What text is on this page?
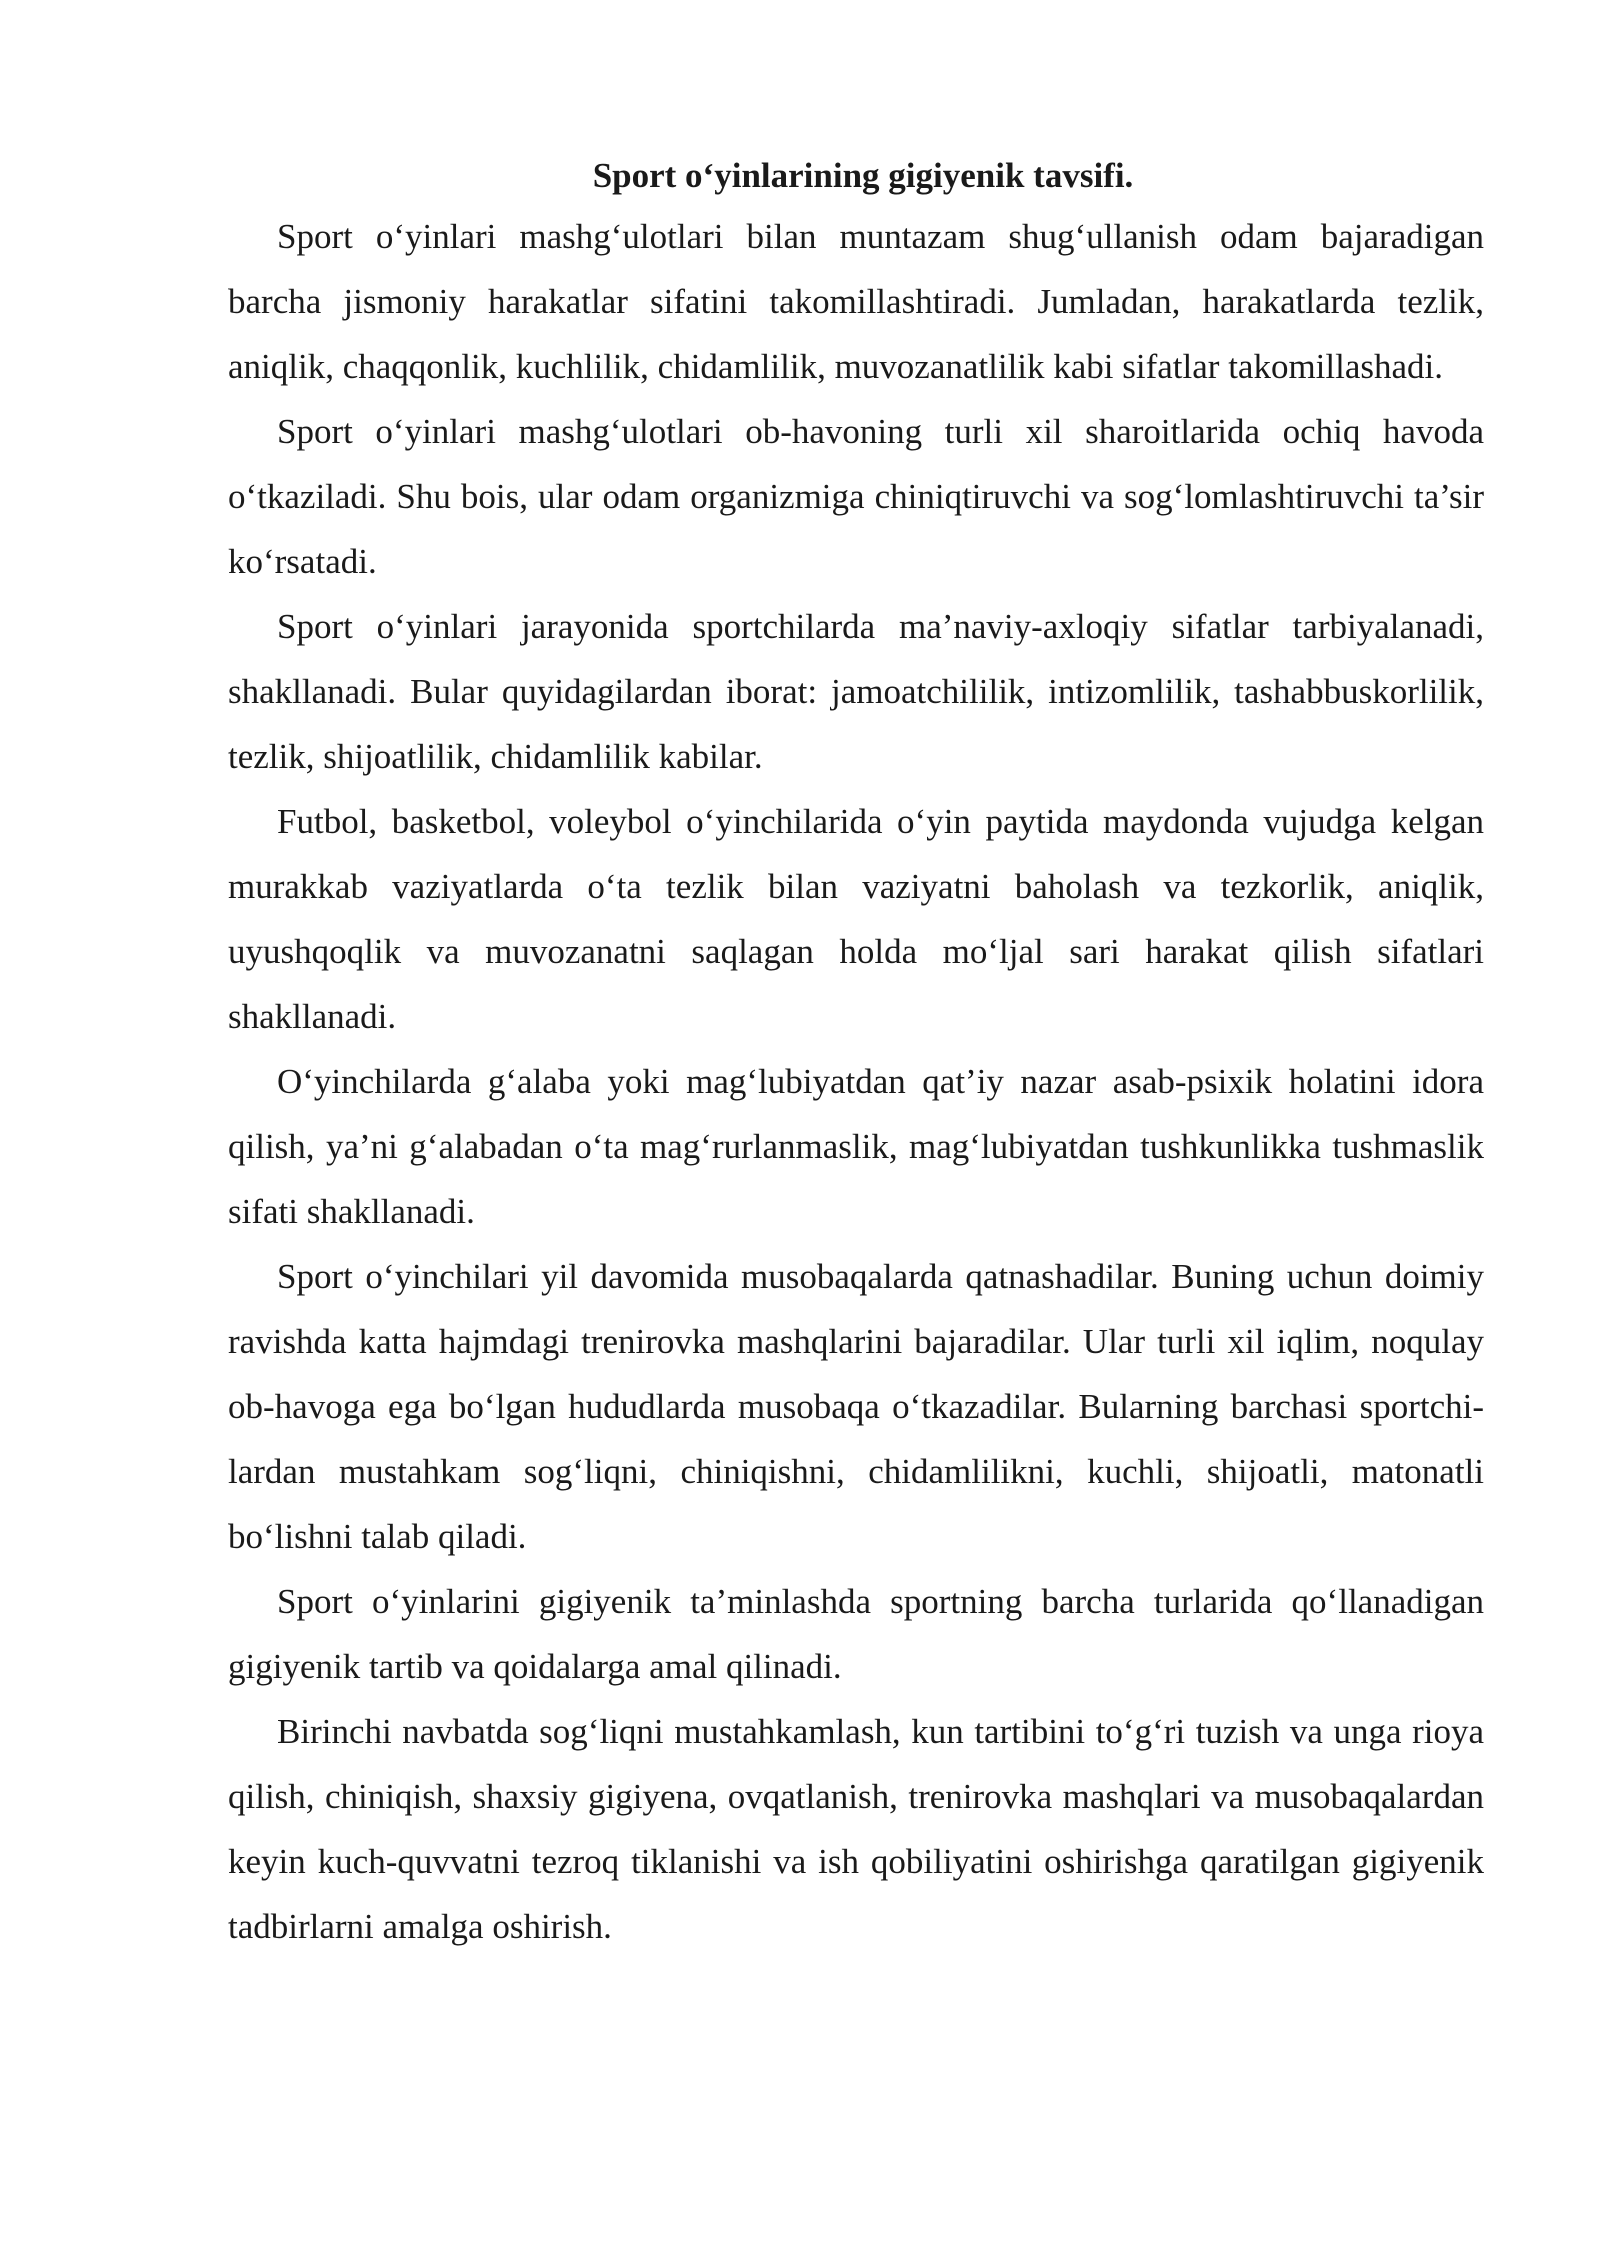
Sport o‘yinlarining gigiyenik tavsifi.

Sport o‘yinlari mashg‘ulotlari bilan muntazam shug‘ullanish odam bajaradigan barcha jismoniy harakatlar sifatini takomillashtiradi. Jumladan, harakatlarda tezlik, aniqlik, chaqqonlik, kuchlilik, chidamlilik, muvozanatlilik kabi sifatlar takomillashadi.

Sport o‘yinlari mashg‘ulotlari ob-havoning turli xil sharoitlarida ochiq havoda o‘tkaziladi. Shu bois, ular odam organizmiga chiniqtiruvchi va sog‘lomlashtiruvchi ta’sir ko‘rsatadi.

Sport o‘yinlari jarayonida sportchilarda ma’naviy-axloqiy sifatlar tarbiyalanadi, shakllanadi. Bular quyidagilardan iborat: jamoatchililik, intizomlilik, tashabbuskorlilik, tezlik, shijoatlilik, chidamlilik kabilar.

Futbol, basketbol, voleybol o‘yinchilarida o‘yin paytida maydonda vujudga kelgan murakkab vaziyatlarda o‘ta tezlik bilan vaziyatni baholash va tezkorlik, aniqlik, uyushqoqlik va muvozanatni saqlagan holda mo‘ljal sari harakat qilish sifatlari shakllanadi.

O‘yinchilarda g‘alaba yoki mag‘lubiyatdan qat’iy nazar asab-psixik holatini idora qilish, ya’ni g‘alabadan o‘ta mag‘rurlanmaslik, mag‘lubiyatdan tushkunlikka tushmaslik sifati shakllanadi.

Sport o‘yinchilari yil davomida musobaqalarda qatnashadilar. Buning uchun doimiy ravishda katta hajmdagi trenirovka mashqlarini bajaradilar. Ular turli xil iqlim, noqulay ob-havoga ega bo‘lgan hududlarda musobaqa o‘tkazadilar. Bularning barchasi sportchi-lardan mustahkam sog‘liqni, chiniqishni, chidamlilikni, kuchli, shijoatli, matonatli bo‘lishni talab qiladi.

Sport o‘yinlarini gigiyenik ta’minlashda sportning barcha turlarida qo‘llanadigan gigiyenik tartib va qoidalarga amal qilinadi.

Birinchi navbatda sog‘liqni mustahkamlash, kun tartibini to‘g‘ri tuzish va unga rioya qilish, chiniqish, shaxsiy gigiyena, ovqatlanish, trenirovka mashqlari va musobaqalardan keyin kuch-quvvatni tezroq tiklanishi va ish qobiliyatini oshirishga qaratilgan gigiyenik tadbirlarni amalga oshirish.
